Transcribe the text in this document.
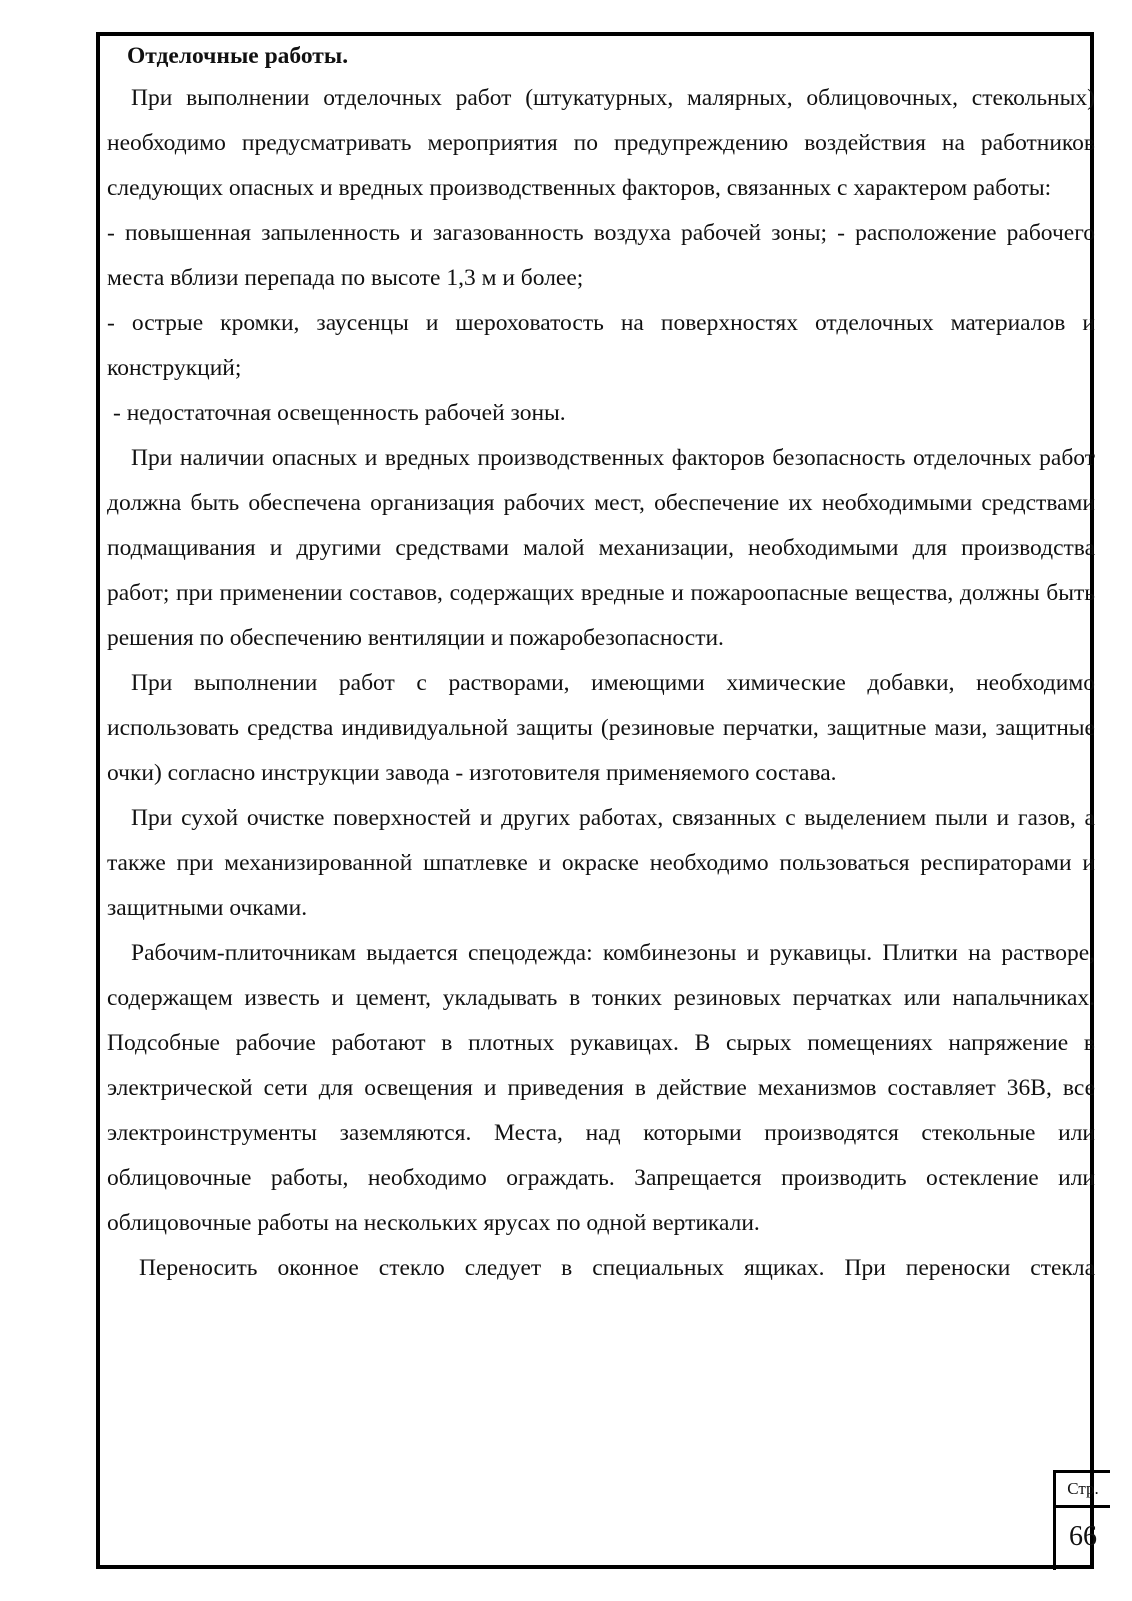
Отделочные работы.

При выполнении отделочных работ (штукатурных, малярных, облицовочных, стекольных) необходимо предусматривать мероприятия по предупреждению воздействия на работников следующих опасных и вредных производственных факторов, связанных с характером работы:

- повышенная запыленность и загазованность воздуха рабочей зоны; - расположение рабочего места вблизи перепада по высоте 1,3 м и более;

- острые кромки, заусенцы и шероховатость на поверхностях отделочных материалов и конструкций;

- недостаточная освещенность рабочей зоны.

При наличии опасных и вредных производственных факторов безопасность отделочных работ должна быть обеспечена организация рабочих мест, обеспечение их необходимыми средствами подмащивания и другими средствами малой механизации, необходимыми для производства работ; при применении составов, содержащих вредные и пожароопасные вещества, должны быть решения по обеспечению вентиляции и пожаробезопасности.

При выполнении работ с растворами, имеющими химические добавки, необходимо использовать средства индивидуальной защиты (резиновые перчатки, защитные мази, защитные очки) согласно инструкции завода - изготовителя применяемого состава.

При сухой очистке поверхностей и других работах, связанных с выделением пыли и газов, а также при механизированной шпатлевке и окраске необходимо пользоваться респираторами и защитными очками.

Рабочим-плиточникам выдается спецодежда: комбинезоны и рукавицы. Плитки на растворе, содержащем известь и цемент, укладывать в тонких резиновых перчатках или напальчниках. Подсобные рабочие работают в плотных рукавицах. В сырых помещениях напряжение в электрической сети для освещения и приведения в действие механизмов составляет 36В, все электроинструменты заземляются. Места, над которыми производятся стекольные или облицовочные работы, необходимо ограждать. Запрещается производить остекление или облицовочные работы на нескольких ярусах по одной вертикали.

Переносить оконное стекло следует в специальных ящиках. При переноски стекла

Стр.
66
